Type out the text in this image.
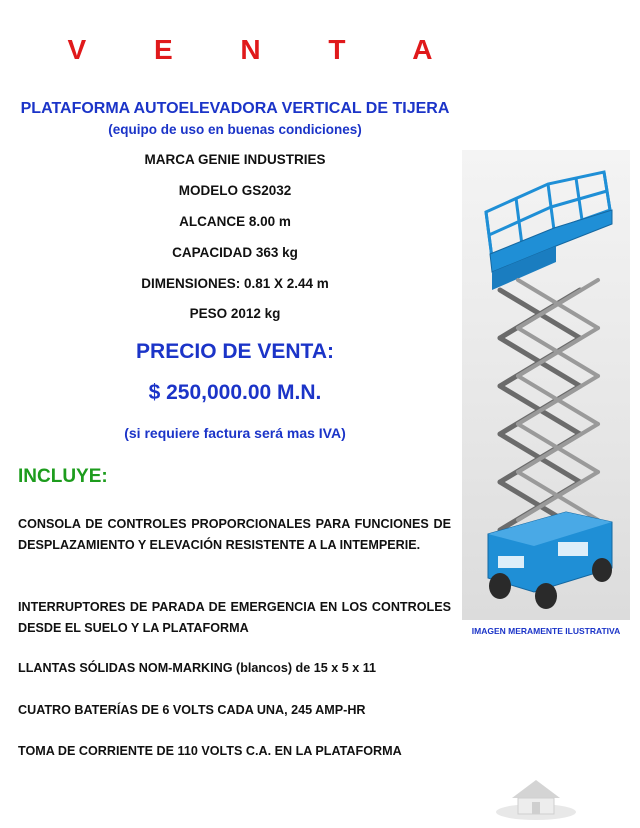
V E N T A
PLATAFORMA AUTOELEVADORA VERTICAL DE TIJERA
(equipo de uso en buenas condiciones)
MARCA GENIE INDUSTRIES
MODELO GS2032
ALCANCE 8.00 m
CAPACIDAD 363 kg
DIMENSIONES: 0.81 X 2.44 m
PESO 2012 kg
PRECIO DE VENTA:
$ 250,000.00 M.N.
(si requiere factura será mas IVA)
INCLUYE:
CONSOLA DE CONTROLES PROPORCIONALES PARA FUNCIONES DE DESPLAZAMIENTO Y ELEVACIÓN RESISTENTE A LA INTEMPERIE.
INTERRUPTORES DE PARADA DE EMERGENCIA EN LOS CONTROLES DESDE EL SUELO Y LA PLATAFORMA
LLANTAS SÓLIDAS NOM-MARKING (blancos) de 15 x 5 x 11
CUATRO BATERÍAS DE 6 VOLTS CADA UNA, 245 AMP-HR
TOMA DE CORRIENTE DE 110 VOLTS C.A. EN LA PLATAFORMA
IMAGEN MERAMENTE ILUSTRATIVA
